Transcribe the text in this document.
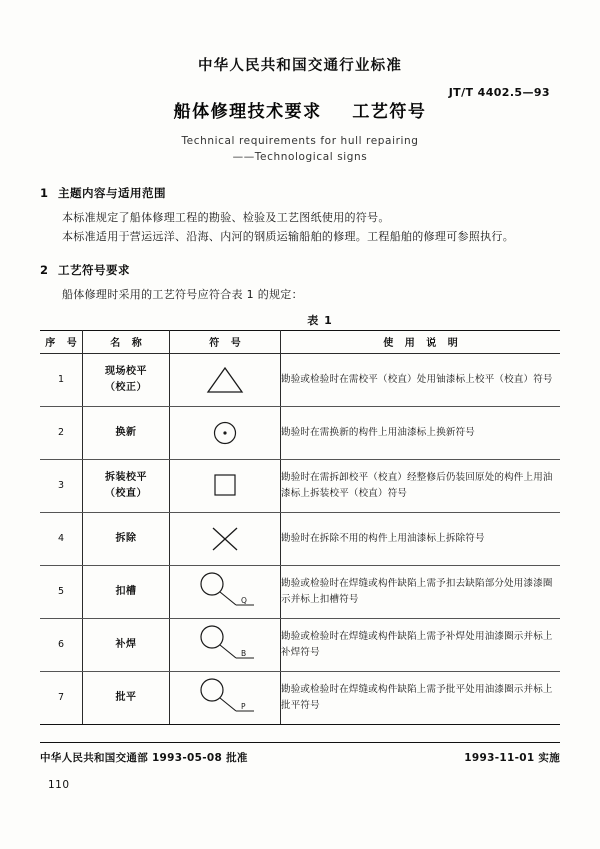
中华人民共和国交通行业标准
JT/T 4402.5—93
船体修理技术要求 工艺符号
Technical requirements for hull repairing
——Technological signs
1 主题内容与适用范围
本标准规定了船体修理工程的勘验、检验及工艺图纸使用的符号。
本标准适用于营运远洋、沿海、内河的钢质运输船舶的修理。工程船舶的修理可参照执行。
2 工艺符号要求
船体修理时采用的工艺符号应符合表 1 的规定：
表 1
序 号	名 称	符 号	使 用 说 明
1	现场校平
（校正）		勘验或检验时在需校平（校直）处用铀漆标上校平（校直）符号
2	换新		勘验时在需换新的构件上用油漆标上换新符号
3	拆装校平
（校直）		勘验时在需拆卸校平（校直）经整修后仍装回原处的构件上用油漆标上拆装校平（校直）符号
4	拆除		勘验时在拆除不用的构件上用油漆标上拆除符号
5	扣槽	Q	勘验或检验时在焊缝或构件缺陷上需予扣去缺陷部分处用漆漆圈示并标上扣槽符号
6	补焊	B	勘验或检验时在焊缝或构件缺陷上需予补焊处用油漆圈示并标上补焊符号
7	批平	P	勘验或检验时在焊缝或构件缺陷上需予批平处用油漆圈示并标上批平符号
中华人民共和国交通部 1993-05-08 批准	1993-11-01 实施
110
